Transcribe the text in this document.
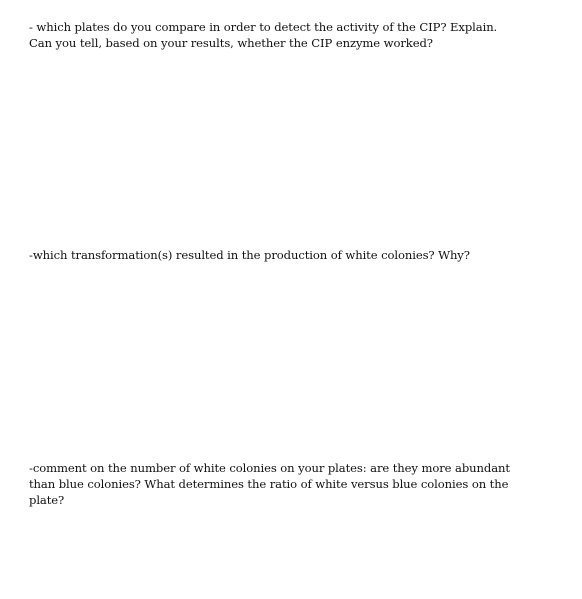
- which plates do you compare in order to detect the activity of the CIP? Explain.
Can you tell, based on your results, whether the CIP enzyme worked?
-which transformation(s) resulted in the production of white colonies? Why?
-comment on the number of white colonies on your plates: are they more abundant
than blue colonies? What determines the ratio of white versus blue colonies on the
plate?
